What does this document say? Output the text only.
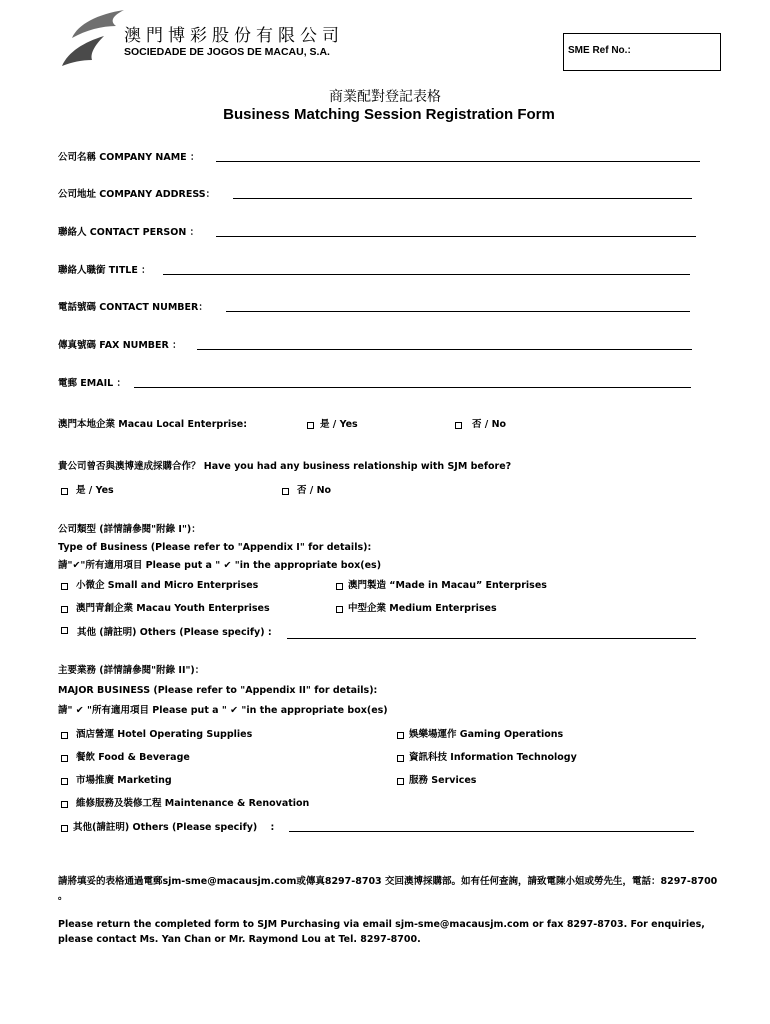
澳門博彩股份有限公司
SOCIEDADE DE JOGOS DE MACAU, S.A.	SME Ref No.:
商業配對登記表格
Business Matching Session Registration Form
公司名稱 COMPANY NAME ：
公司地址 COMPANY ADDRESS：
聯絡人 CONTACT PERSON ：
聯絡人職銜 TITLE ：
電話號碼 CONTACT NUMBER：
傳真號碼 FAX NUMBER ：
電郵 EMAIL ：
澳門本地企業 Macau Local Enterprise:	是 / Yes	否 / No
貴公司曾否與澳博達成採購合作？ Have you had any business relationship with SJM before?
是 / Yes	否 / No
公司類型 (詳情請參閱"附錄 I")：
Type of Business (Please refer to "Appendix I" for details):
請"✔"所有適用項目 Please put a " ✔ "in the appropriate box(es)
小微企 Small and Micro Enterprises	澳門製造 “Made in Macau” Enterprises
澳門青創企業 Macau Youth Enterprises	中型企業 Medium Enterprises
其他 (請註明) Others (Please specify) :
主要業務 (詳情請參閱"附錄 II")：
MAJOR BUSINESS (Please refer to "Appendix II" for details):
請" ✔ "所有適用項目 Please put a " ✔ "in the appropriate box(es)
酒店營運 Hotel Operating Supplies	娛樂場運作 Gaming Operations
餐飲 Food & Beverage	資訊科技 Information Technology
市場推廣 Marketing	服務 Services
維修服務及裝修工程 Maintenance & Renovation
其他(請註明) Others (Please specify)    :
請將填妥的表格通過電郵sjm-sme@macausjm.com或傳真8297-8703 交回澳博採購部。如有任何查詢，請致電陳小姐或勞先生，電話：8297-8700 。
Please return the completed form to SJM Purchasing via email sjm-sme@macausjm.com or fax 8297-8703. For enquiries, please contact Ms. Yan Chan or Mr. Raymond Lou at Tel. 8297-8700.
